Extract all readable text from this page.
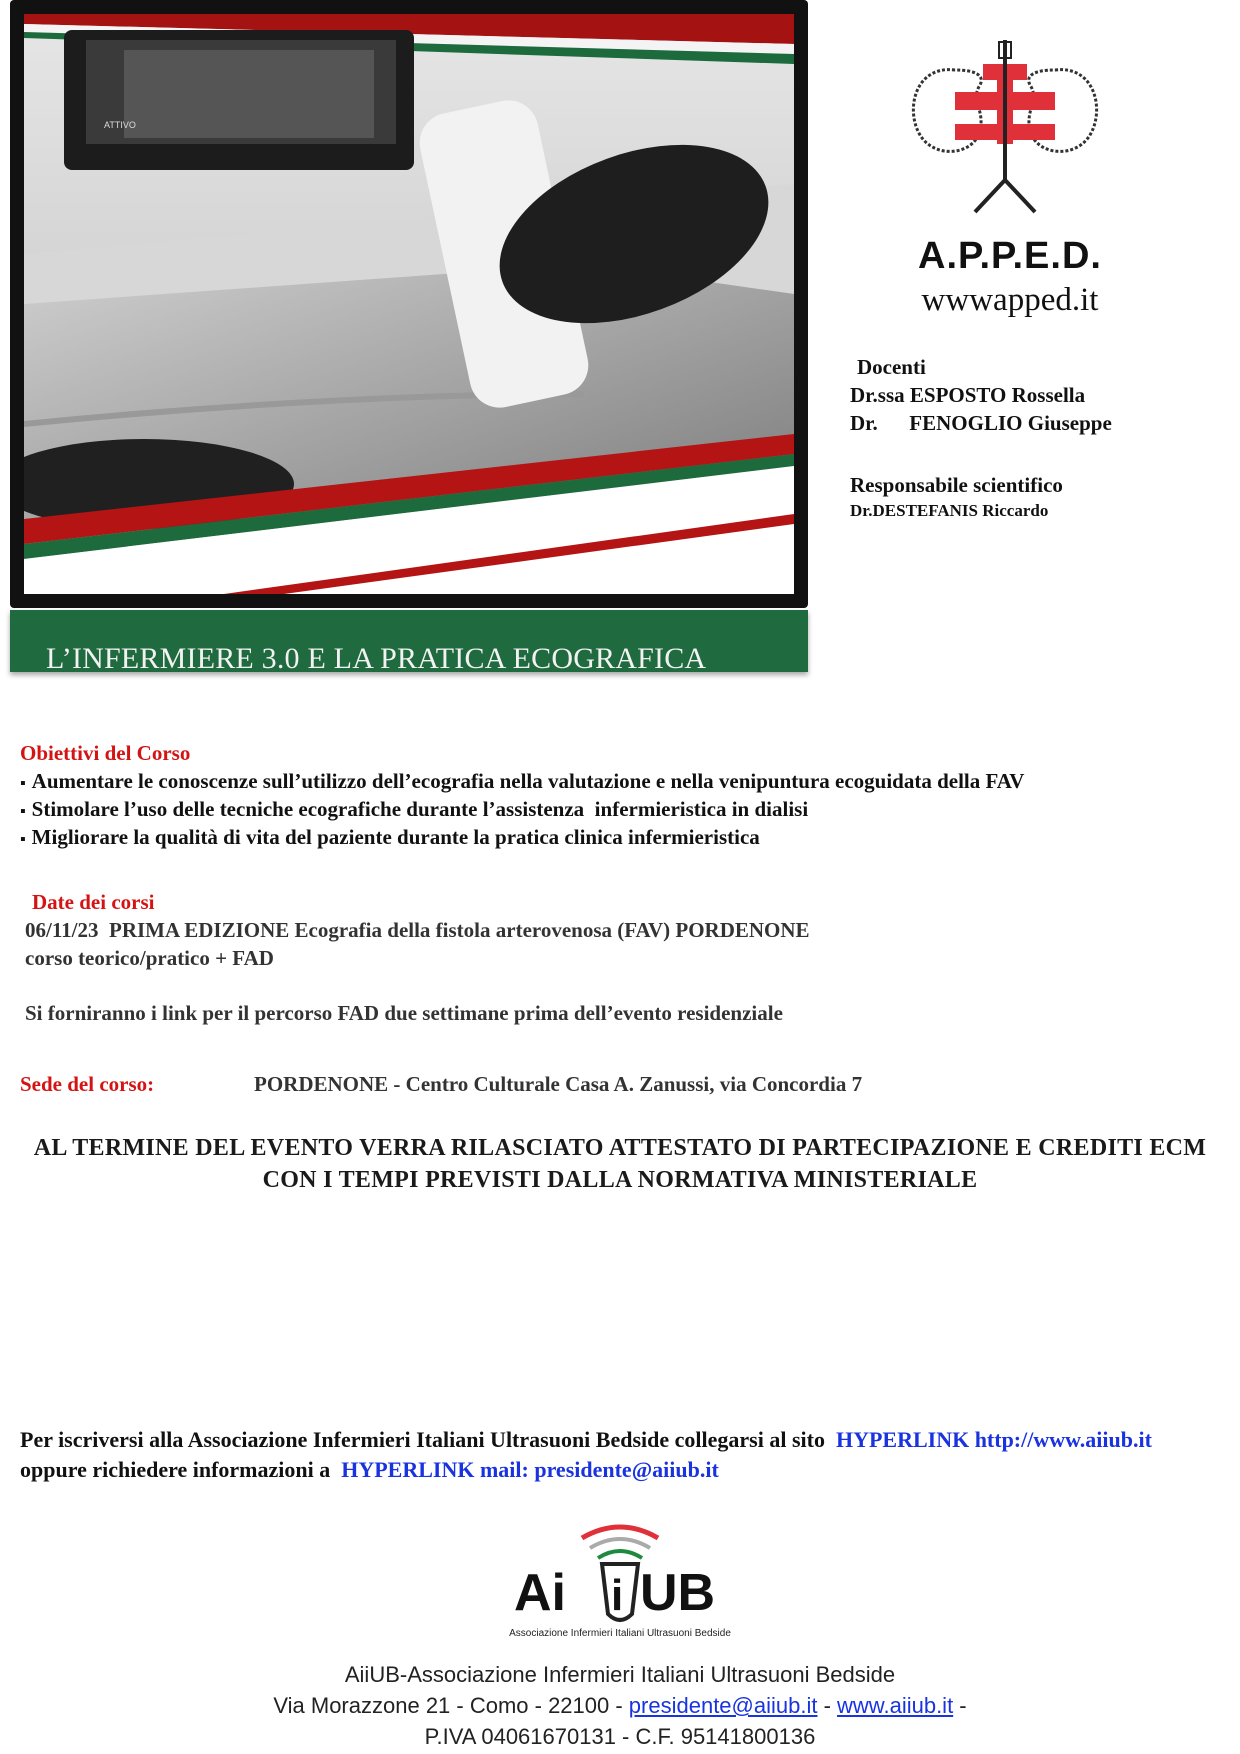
ATTIVO
L’INFERMIERE 3.0 E LA PRATICA ECOGRAFICA
A.P.P.E.D.
wwwapped.it
Docenti
Dr.ssa ESPOSTO Rossella
Dr.      FENOGLIO Giuseppe
Responsabile scientifico
Dr.DESTEFANIS Riccardo
Obiettivi del Corso
▪ Aumentare le conoscenze sull’utilizzo dell’ecografia nella valutazione e nella venipuntura ecoguidata della FAV
▪ Stimolare l’uso delle tecniche ecografiche durante l’assistenza  infermieristica in dialisi
▪ Migliorare la qualità di vita del paziente durante la pratica clinica infermieristica
Date dei corsi
06/11/23  PRIMA EDIZIONE Ecografia della fistola arterovenosa (FAV) PORDENONE
corso teorico/pratico + FAD
Si forniranno i link per il percorso FAD due settimane prima dell’evento residenziale
Sede del corso:	PORDENONE - Centro Culturale Casa A. Zanussi, via Concordia 7
AL TERMINE DEL EVENTO VERRA RILASCIATO ATTESTATO DI PARTECIPAZIONE E CREDITI ECM CON I TEMPI PREVISTI DALLA NORMATIVA MINISTERIALE
Per iscriversi alla Associazione Infermieri Italiani Ultrasuoni Bedside collegarsi al sito  HYPERLINK http://www.aiiub.it oppure richiedere informazioni a  HYPERLINK mail: presidente@aiiub.it
Ai i UB
Associazione Infermieri Italiani Ultrasuoni Bedside
AiiUB-Associazione Infermieri Italiani Ultrasuoni Bedside
Via Morazzone 21 - Como - 22100 - presidente@aiiub.it - www.aiiub.it -
P.IVA 04061670131 - C.F. 95141800136
